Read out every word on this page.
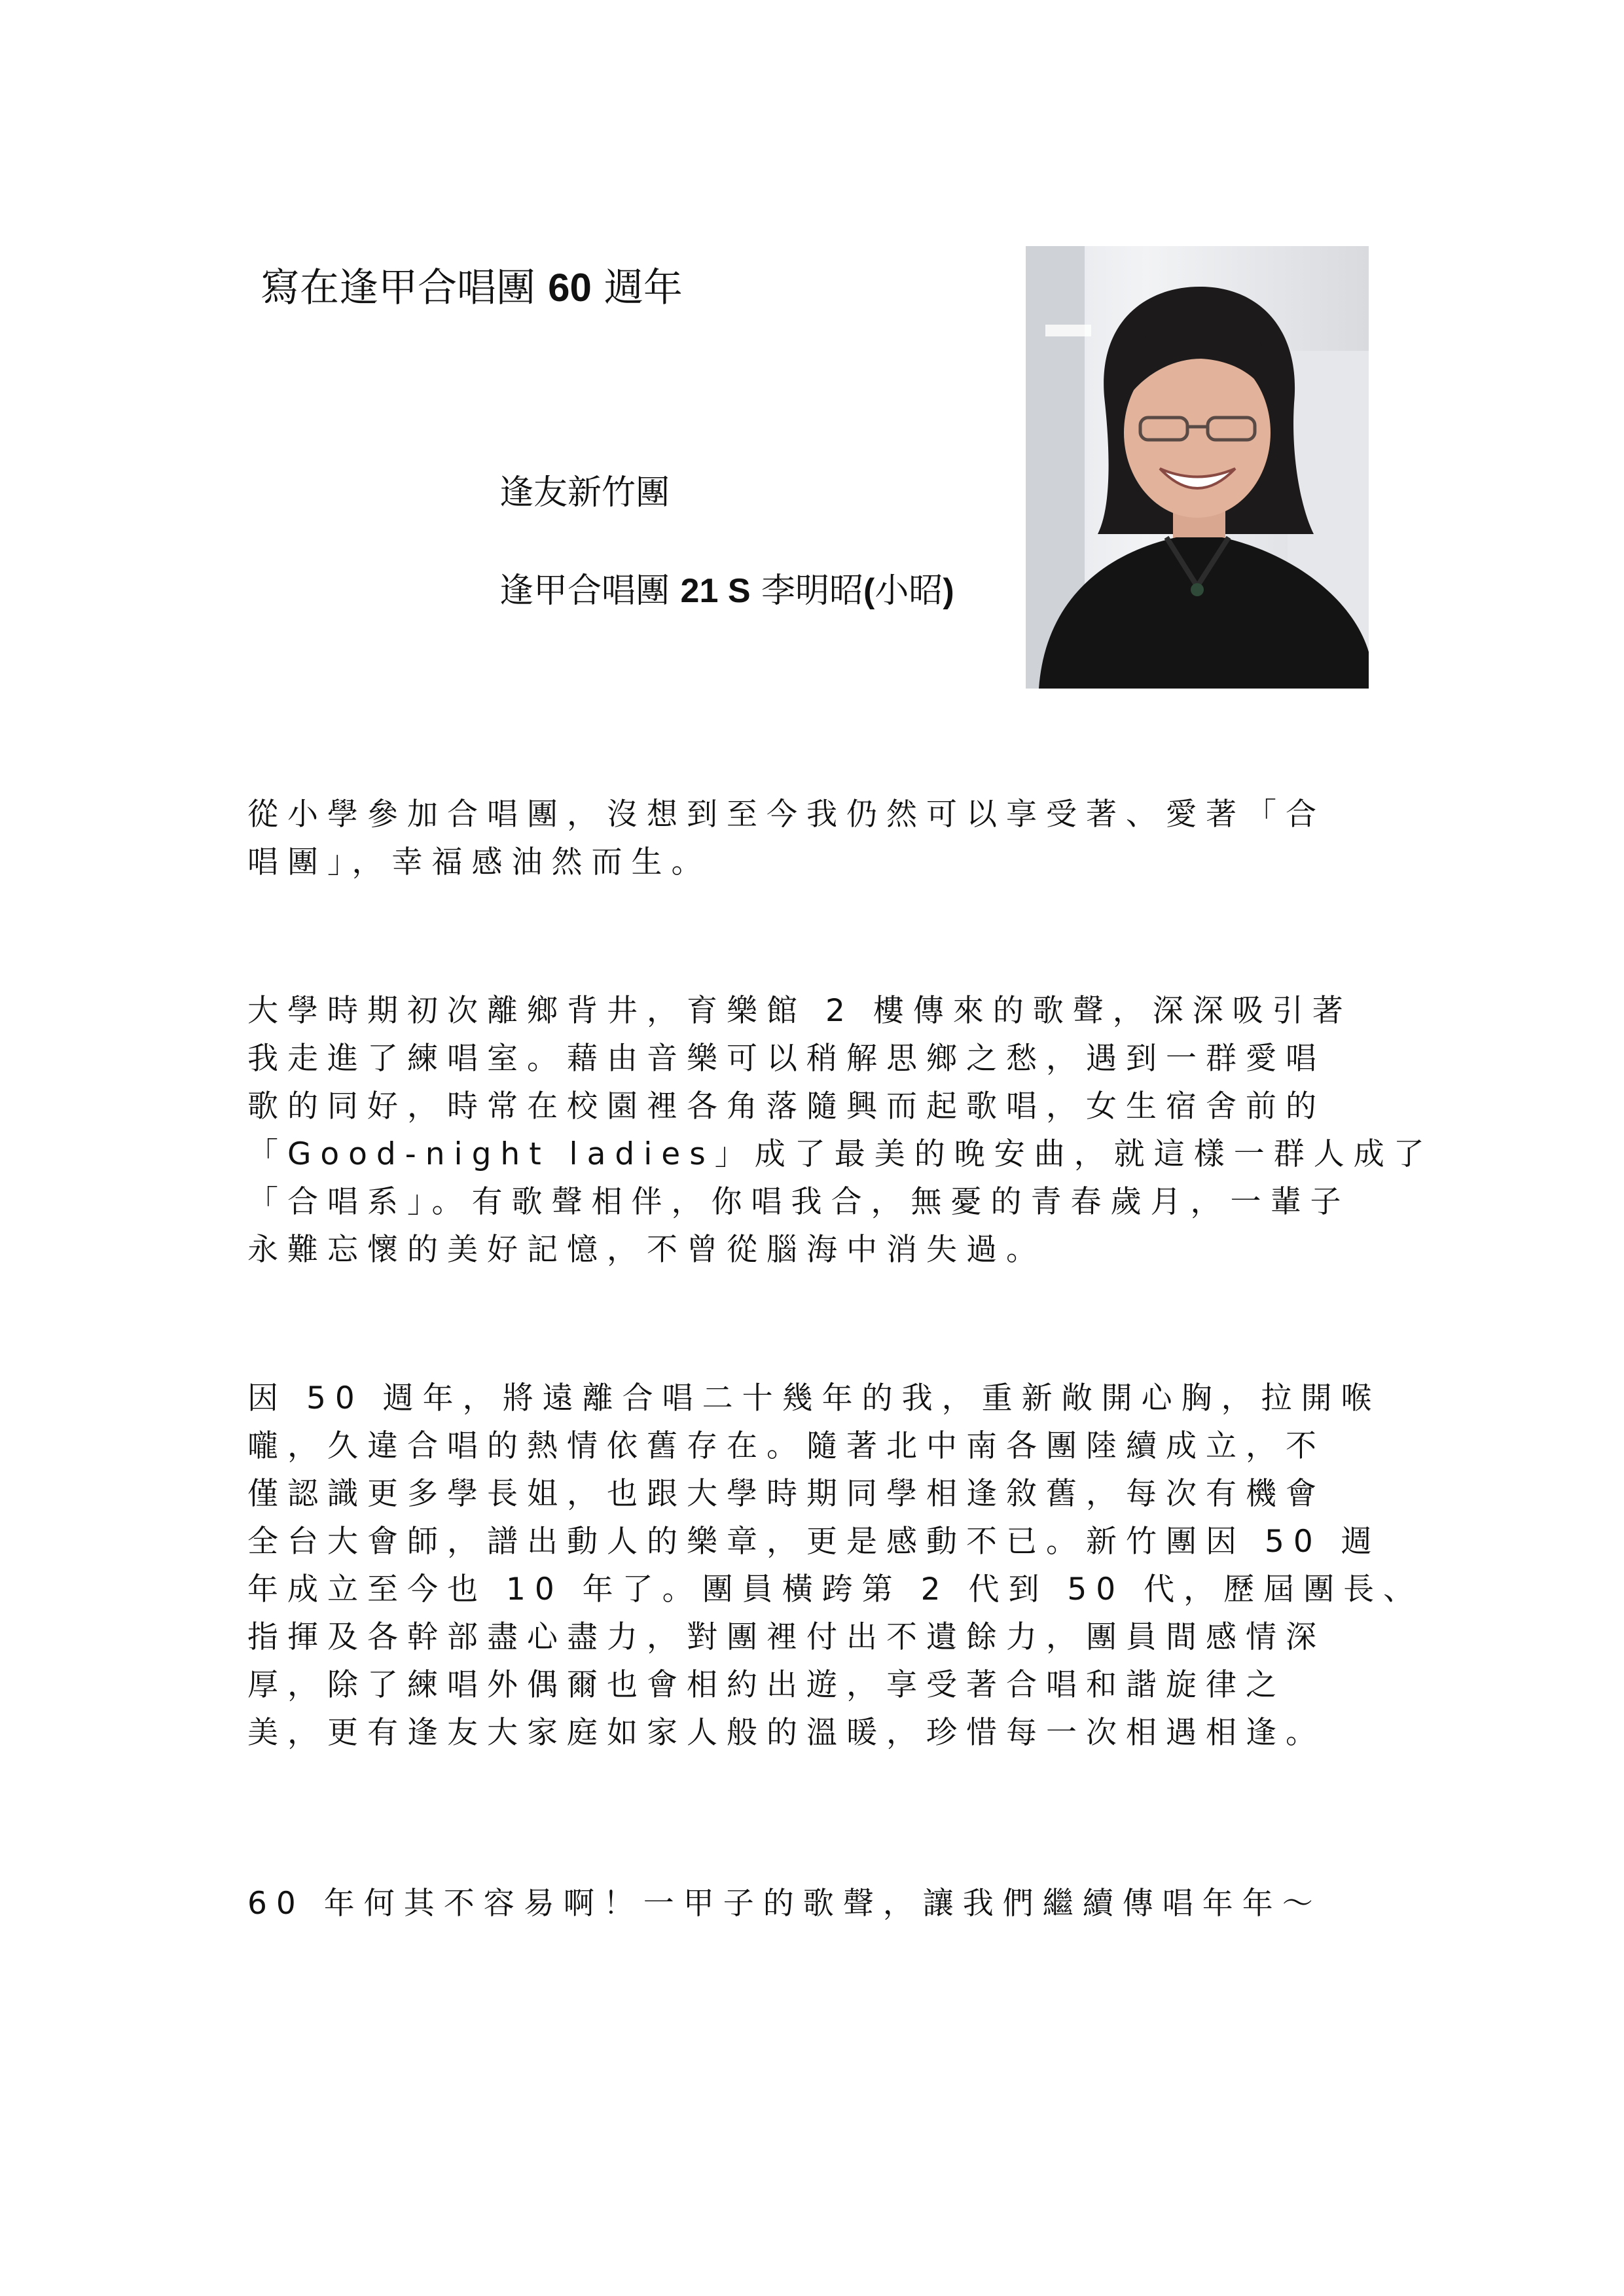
寫在逢甲合唱團 60 週年
逢友新竹團
逢甲合唱團 21 S 李明昭(小昭)
從小學參加合唱團，沒想到至今我仍然可以享受著、愛著「合
唱團」，幸福感油然而生。
大學時期初次離鄉背井，育樂館 2 樓傳來的歌聲，深深吸引著
我走進了練唱室。藉由音樂可以稍解思鄉之愁，遇到一群愛唱
歌的同好，時常在校園裡各角落隨興而起歌唱，女生宿舍前的
「Good-night ladies」成了最美的晚安曲，就這樣一群人成了
「合唱系」。有歌聲相伴，你唱我合，無憂的青春歲月，一輩子
永難忘懷的美好記憶，不曾從腦海中消失過。
因 50 週年，將遠離合唱二十幾年的我，重新敞開心胸，拉開喉
嚨，久違合唱的熱情依舊存在。隨著北中南各團陸續成立，不
僅認識更多學長姐，也跟大學時期同學相逢敘舊，每次有機會
全台大會師，譜出動人的樂章，更是感動不已。新竹團因 50 週
年成立至今也 10 年了。團員橫跨第 2 代到 50 代，歷屆團長、
指揮及各幹部盡心盡力，對團裡付出不遺餘力，團員間感情深
厚，除了練唱外偶爾也會相約出遊，享受著合唱和諧旋律之
美，更有逢友大家庭如家人般的溫暖，珍惜每一次相遇相逢。
60 年何其不容易啊！一甲子的歌聲，讓我們繼續傳唱年年～
